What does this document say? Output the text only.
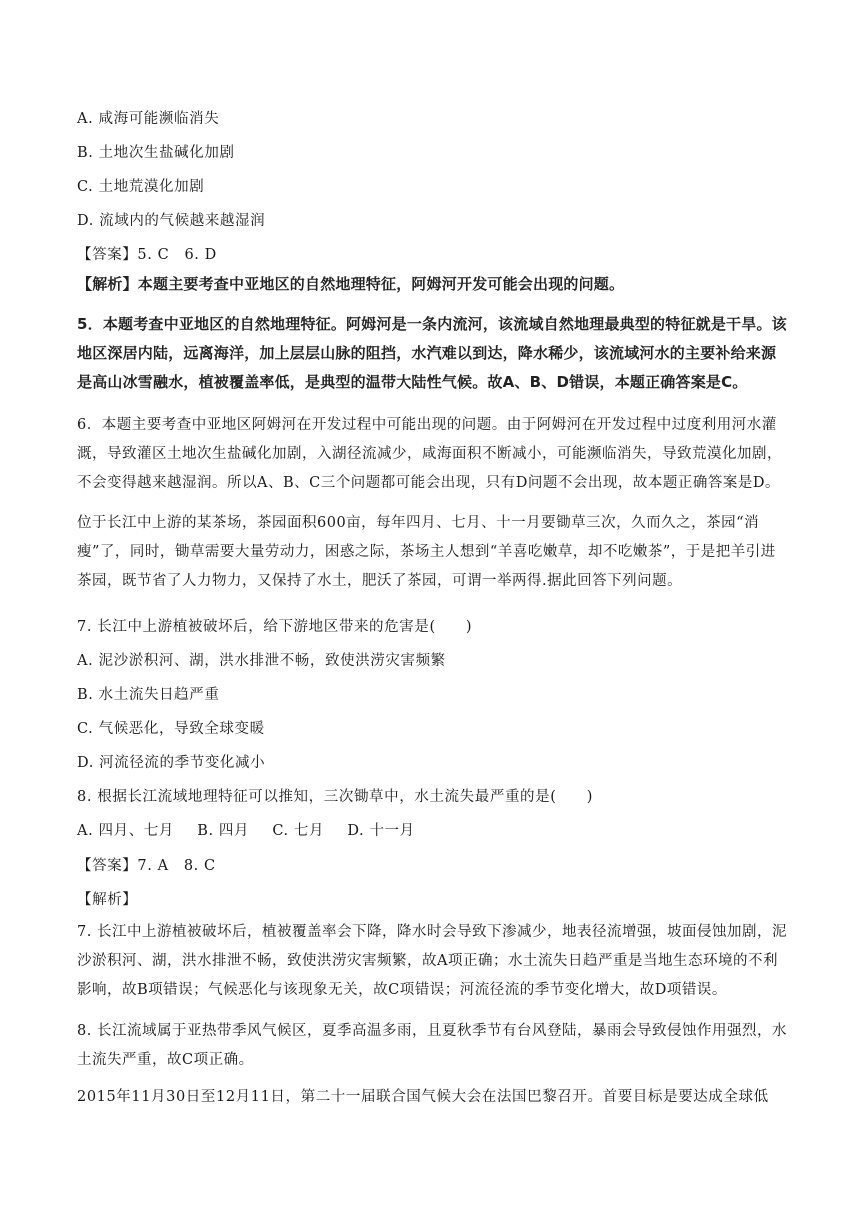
A. 咸海可能濒临消失
B. 土地次生盐碱化加剧
C. 土地荒漠化加剧
D. 流域内的气候越来越湿润
【答案】5. C　6. D
【解析】本题主要考查中亚地区的自然地理特征，阿姆河开发可能会出现的问题。
5．本题考查中亚地区的自然地理特征。阿姆河是一条内流河，该流域自然地理最典型的特征就是干旱。该地区深居内陆，远离海洋，加上层层山脉的阻挡，水汽难以到达，降水稀少，该流域河水的主要补给来源是高山冰雪融水，植被覆盖率低，是典型的温带大陆性气候。故A、B、D错误，本题正确答案是C。
6．本题主要考查中亚地区阿姆河在开发过程中可能出现的问题。由于阿姆河在开发过程中过度利用河水灌溉，导致灌区土地次生盐碱化加剧，入湖径流减少，咸海面积不断减小，可能濒临消失，导致荒漠化加剧，不会变得越来越湿润。所以A、B、C三个问题都可能会出现，只有D问题不会出现，故本题正确答案是D。
位于长江中上游的某茶场，茶园面积600亩，每年四月、七月、十一月要锄草三次，久而久之，茶园“消瘦”了，同时，锄草需要大量劳动力，困惑之际，茶场主人想到“羊喜吃嫩草，却不吃嫩茶”，于是把羊引进茶园，既节省了人力物力，又保持了水土，肥沃了茶园，可谓一举两得.据此回答下列问题。
7. 长江中上游植被破坏后，给下游地区带来的危害是(　　)
A. 泥沙淤积河、湖，洪水排泄不畅，致使洪涝灾害频繁
B. 水土流失日趋严重
C. 气候恶化，导致全球变暖
D. 河流径流的季节变化减小
8. 根据长江流域地理特征可以推知，三次锄草中，水土流失最严重的是(　　)
A. 四月、七月 B. 四月 C. 七月 D. 十一月
【答案】7. A　8. C
【解析】
7. 长江中上游植被破坏后，植被覆盖率会下降，降水时会导致下渗减少，地表径流增强，坡面侵蚀加剧，泥沙淤积河、湖，洪水排泄不畅，致使洪涝灾害频繁，故A项正确；水土流失日趋严重是当地生态环境的不利影响，故B项错误；气候恶化与该现象无关，故C项错误；河流径流的季节变化增大，故D项错误。
8. 长江流域属于亚热带季风气候区，夏季高温多雨，且夏秋季节有台风登陆，暴雨会导致侵蚀作用强烈，水土流失严重，故C项正确。
2015年11月30日至12月11日，第二十一届联合国气候大会在法国巴黎召开。首要目标是要达成全球低
